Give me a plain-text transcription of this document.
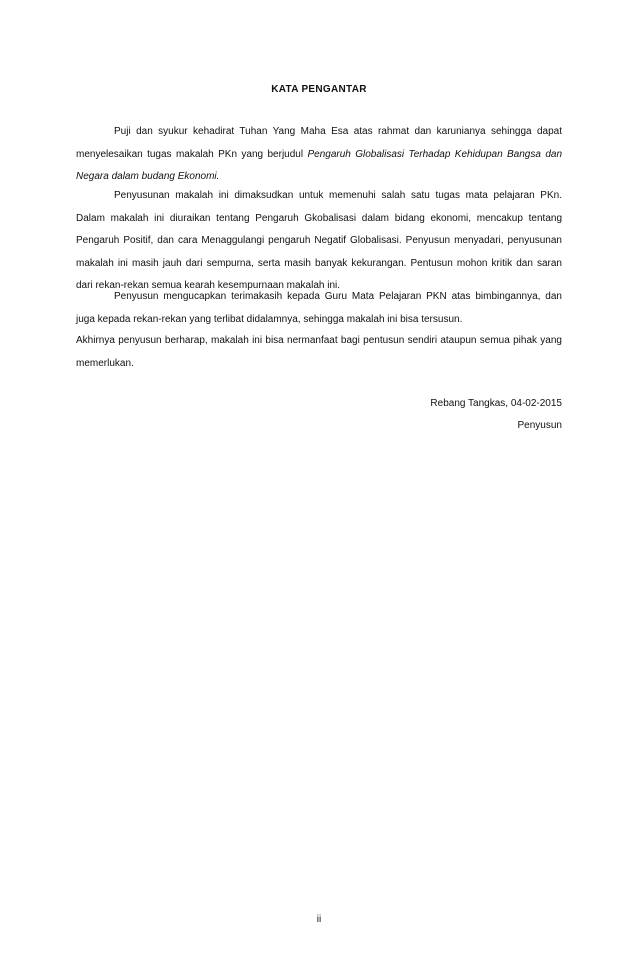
KATA PENGANTAR

Puji dan syukur kehadirat Tuhan Yang Maha Esa atas rahmat dan karunianya sehingga dapat menyelesaikan tugas makalah PKn yang berjudul Pengaruh Globalisasi Terhadap Kehidupan Bangsa dan Negara dalam budang Ekonomi.

Penyusunan makalah ini dimaksudkan untuk memenuhi salah satu tugas mata pelajaran PKn. Dalam makalah ini diuraikan tentang Pengaruh Gkobalisasi dalam bidang ekonomi, mencakup tentang Pengaruh Positif, dan cara Menaggulangi pengaruh Negatif Globalisasi. Penyusun menyadari, penyusunan makalah ini masih jauh dari sempurna, serta masih banyak kekurangan. Pentusun mohon kritik dan saran dari rekan-rekan semua kearah kesempurnaan makalah ini.

Penyusun mengucapkan terimakasih kepada Guru Mata Pelajaran PKN atas bimbingannya, dan juga kepada rekan-rekan yang terlibat didalamnya, sehingga makalah ini bisa tersusun.

Akhirnya penyusun berharap, makalah ini bisa nermanfaat bagi pentusun sendiri ataupun semua pihak yang memerlukan.

Rebang Tangkas, 04-02-2015
Penyusun
ii
